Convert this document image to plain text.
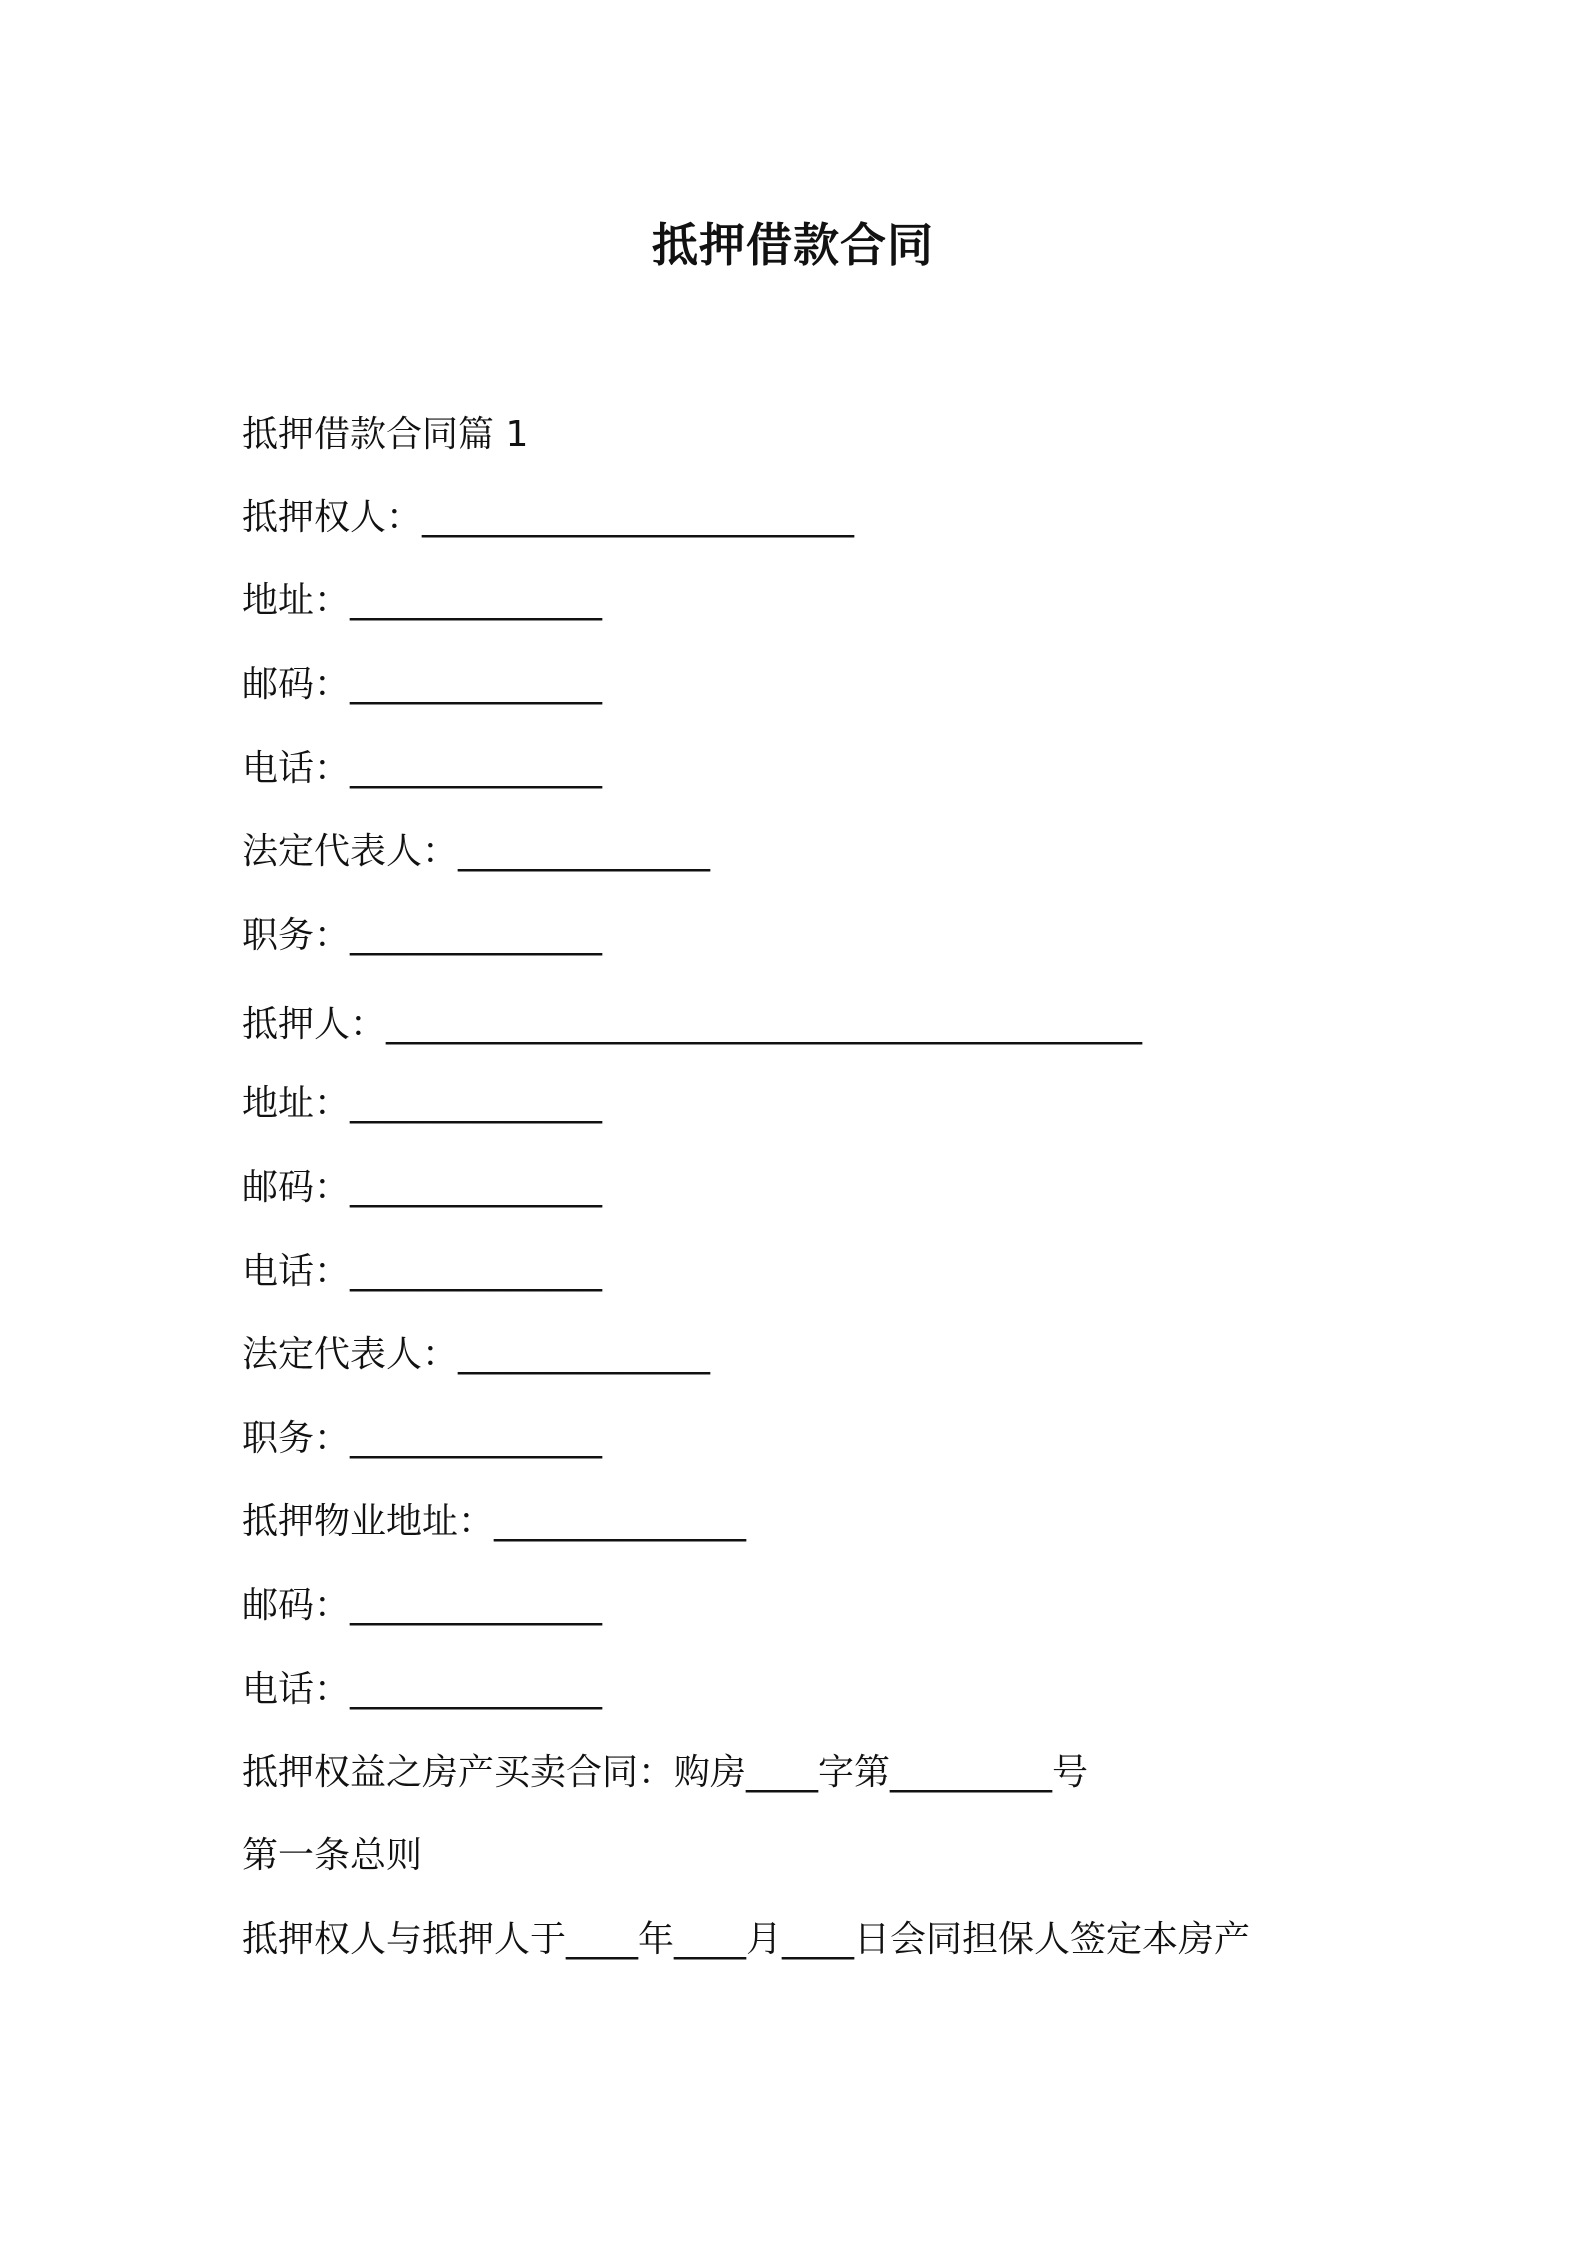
抵押借款合同
抵押借款合同篇 1
抵押权人：________________________
地址：______________
邮码：______________
电话：______________
法定代表人：______________
职务：______________
抵押人：__________________________________________
地址：______________
邮码：______________
电话：______________
法定代表人：______________
职务：______________
抵押物业地址：______________
邮码：______________
电话：______________
抵押权益之房产买卖合同：购房____字第_________号
第一条总则
抵押权人与抵押人于____年____月____日会同担保人签定本房产
